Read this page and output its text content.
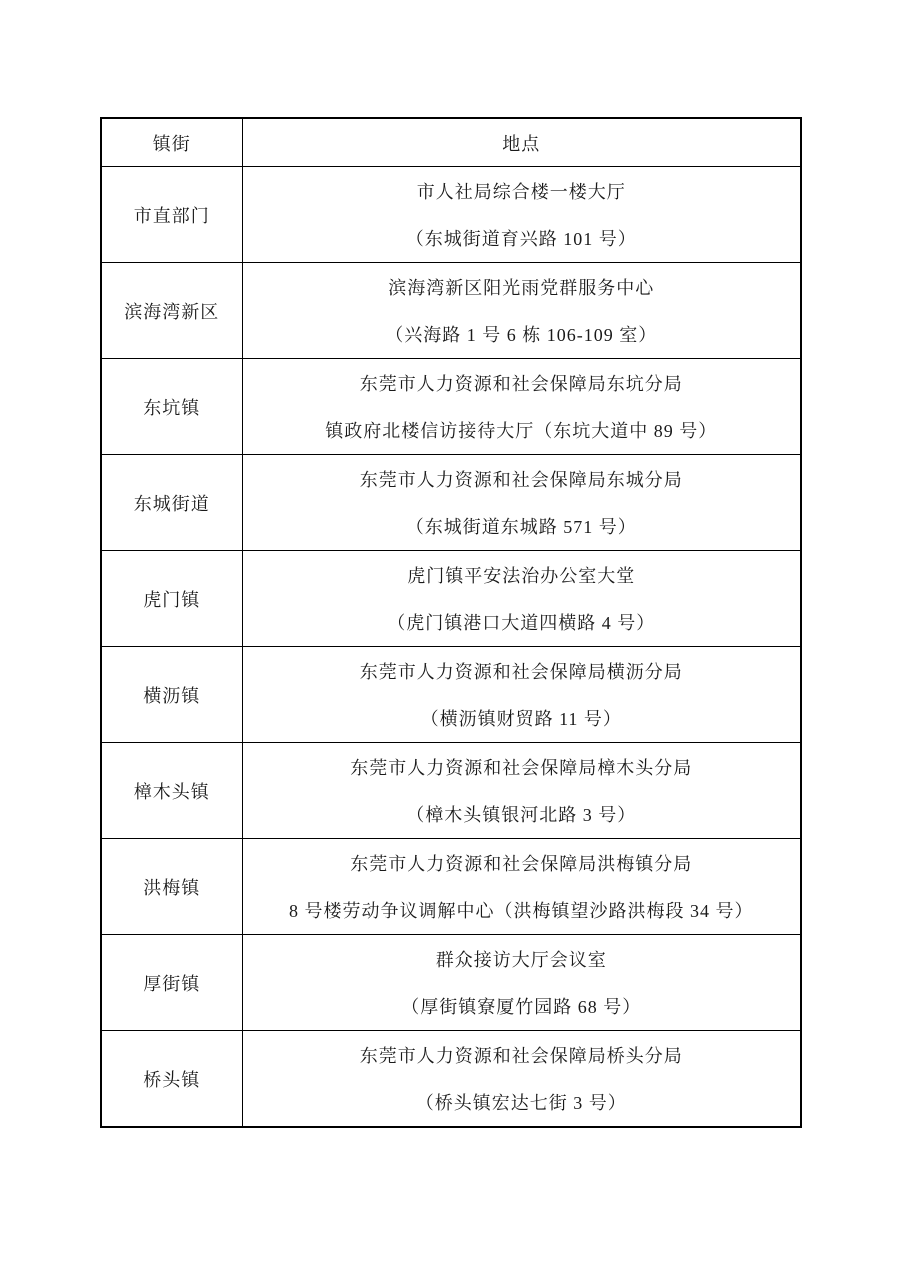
镇街	地点
市直部门	市人社局综合楼一楼大厅
（东城街道育兴路 101 号）

滨海湾新区	滨海湾新区阳光雨党群服务中心
（兴海路 1 号 6 栋 106-109 室）

东坑镇	东莞市人力资源和社会保障局东坑分局
镇政府北楼信访接待大厅（东坑大道中 89 号）

东城街道	东莞市人力资源和社会保障局东城分局
（东城街道东城路 571 号）

虎门镇	虎门镇平安法治办公室大堂
（虎门镇港口大道四横路 4 号）

横沥镇	东莞市人力资源和社会保障局横沥分局
（横沥镇财贸路 11 号）

樟木头镇	东莞市人力资源和社会保障局樟木头分局
（樟木头镇银河北路 3 号）

洪梅镇	东莞市人力资源和社会保障局洪梅镇分局
8 号楼劳动争议调解中心（洪梅镇望沙路洪梅段 34 号）

厚街镇	群众接访大厅会议室
（厚街镇寮厦竹园路 68 号）

桥头镇	东莞市人力资源和社会保障局桥头分局
（桥头镇宏达七街 3 号）
